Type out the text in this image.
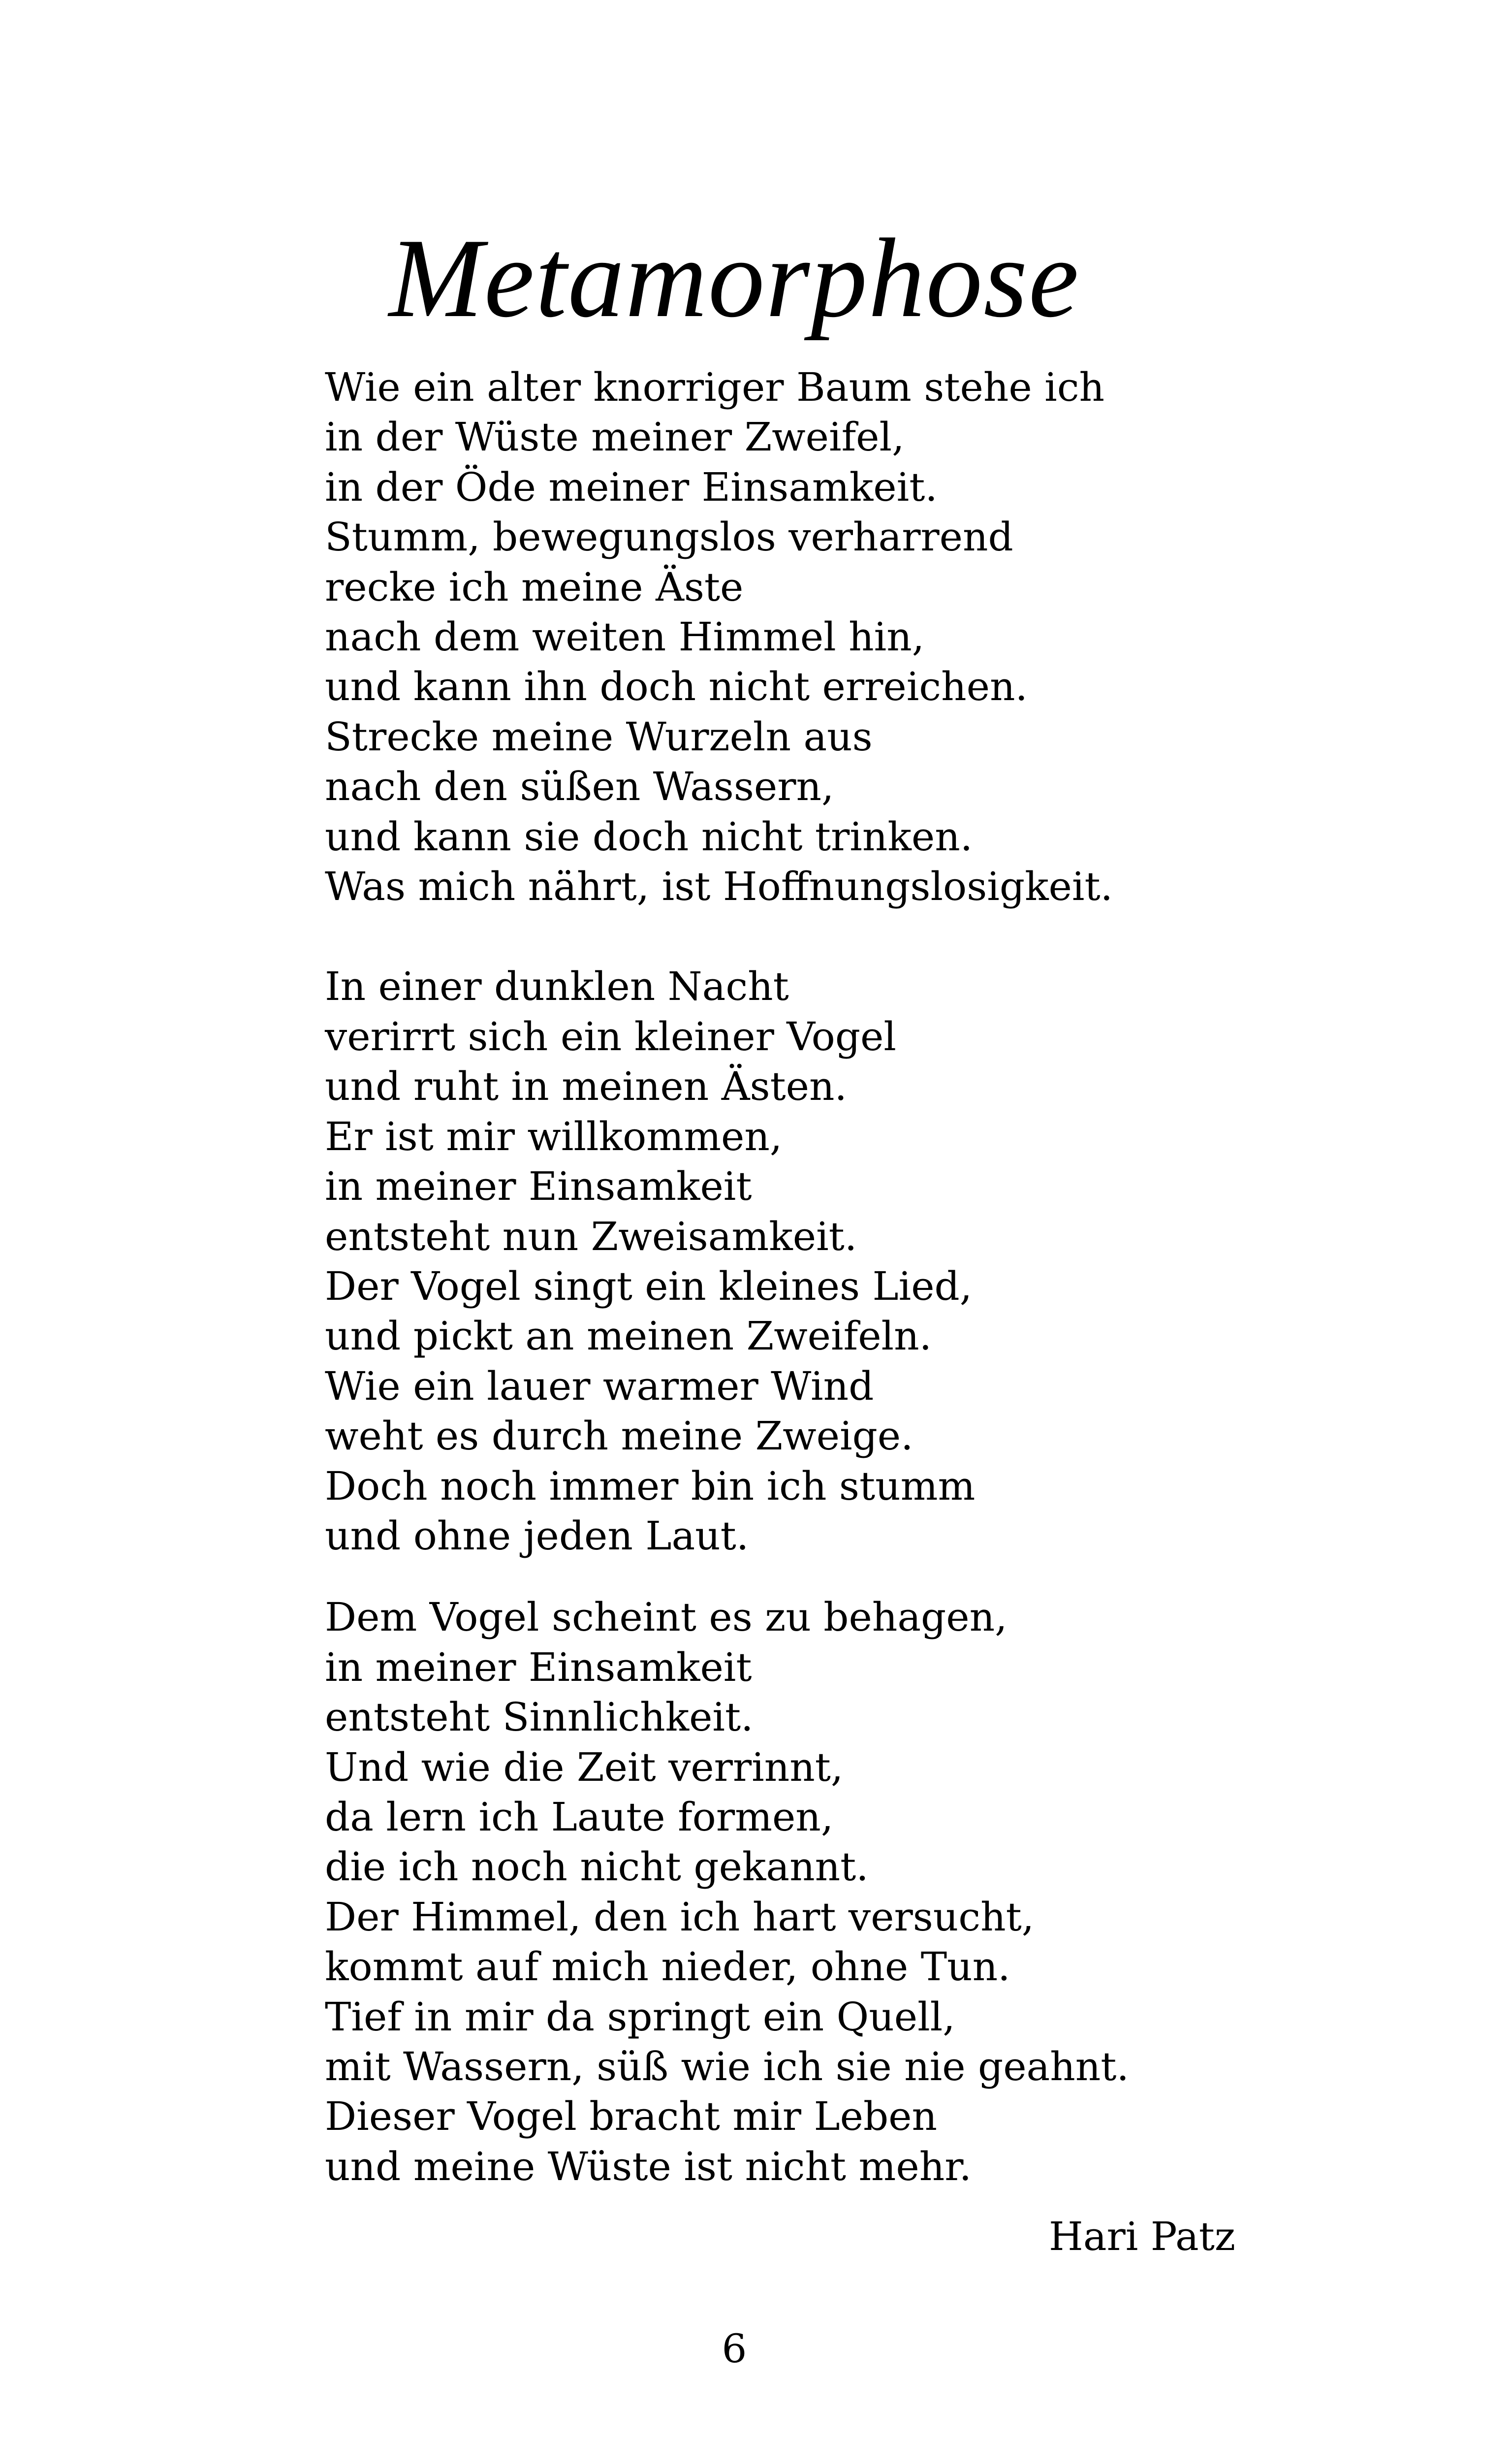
Metamorphose
Wie ein alter knorriger Baum stehe ich
in der Wüste meiner Zweifel,
in der Öde meiner Einsamkeit.
Stumm, bewegungslos verharrend
recke ich meine Äste
nach dem weiten Himmel hin,
und kann ihn doch nicht erreichen.
Strecke meine Wurzeln aus
nach den süßen Wassern,
und kann sie doch nicht trinken.
Was mich nährt, ist Hoffnungslosigkeit.
In einer dunklen Nacht
verirrt sich ein kleiner Vogel
und ruht in meinen Ästen.
Er ist mir willkommen,
in meiner Einsamkeit
entsteht nun Zweisamkeit.
Der Vogel singt ein kleines Lied,
und pickt an meinen Zweifeln.
Wie ein lauer warmer Wind
weht es durch meine Zweige.
Doch noch immer bin ich stumm
und ohne jeden Laut.
Dem Vogel scheint es zu behagen,
in meiner Einsamkeit
entsteht Sinnlichkeit.
Und wie die Zeit verrinnt,
da lern ich Laute formen,
die ich noch nicht gekannt.
Der Himmel, den ich hart versucht,
kommt auf mich nieder, ohne Tun.
Tief in mir da springt ein Quell,
mit Wassern, süß wie ich sie nie geahnt.
Dieser Vogel bracht mir Leben
und meine Wüste ist nicht mehr.
Hari Patz
6
